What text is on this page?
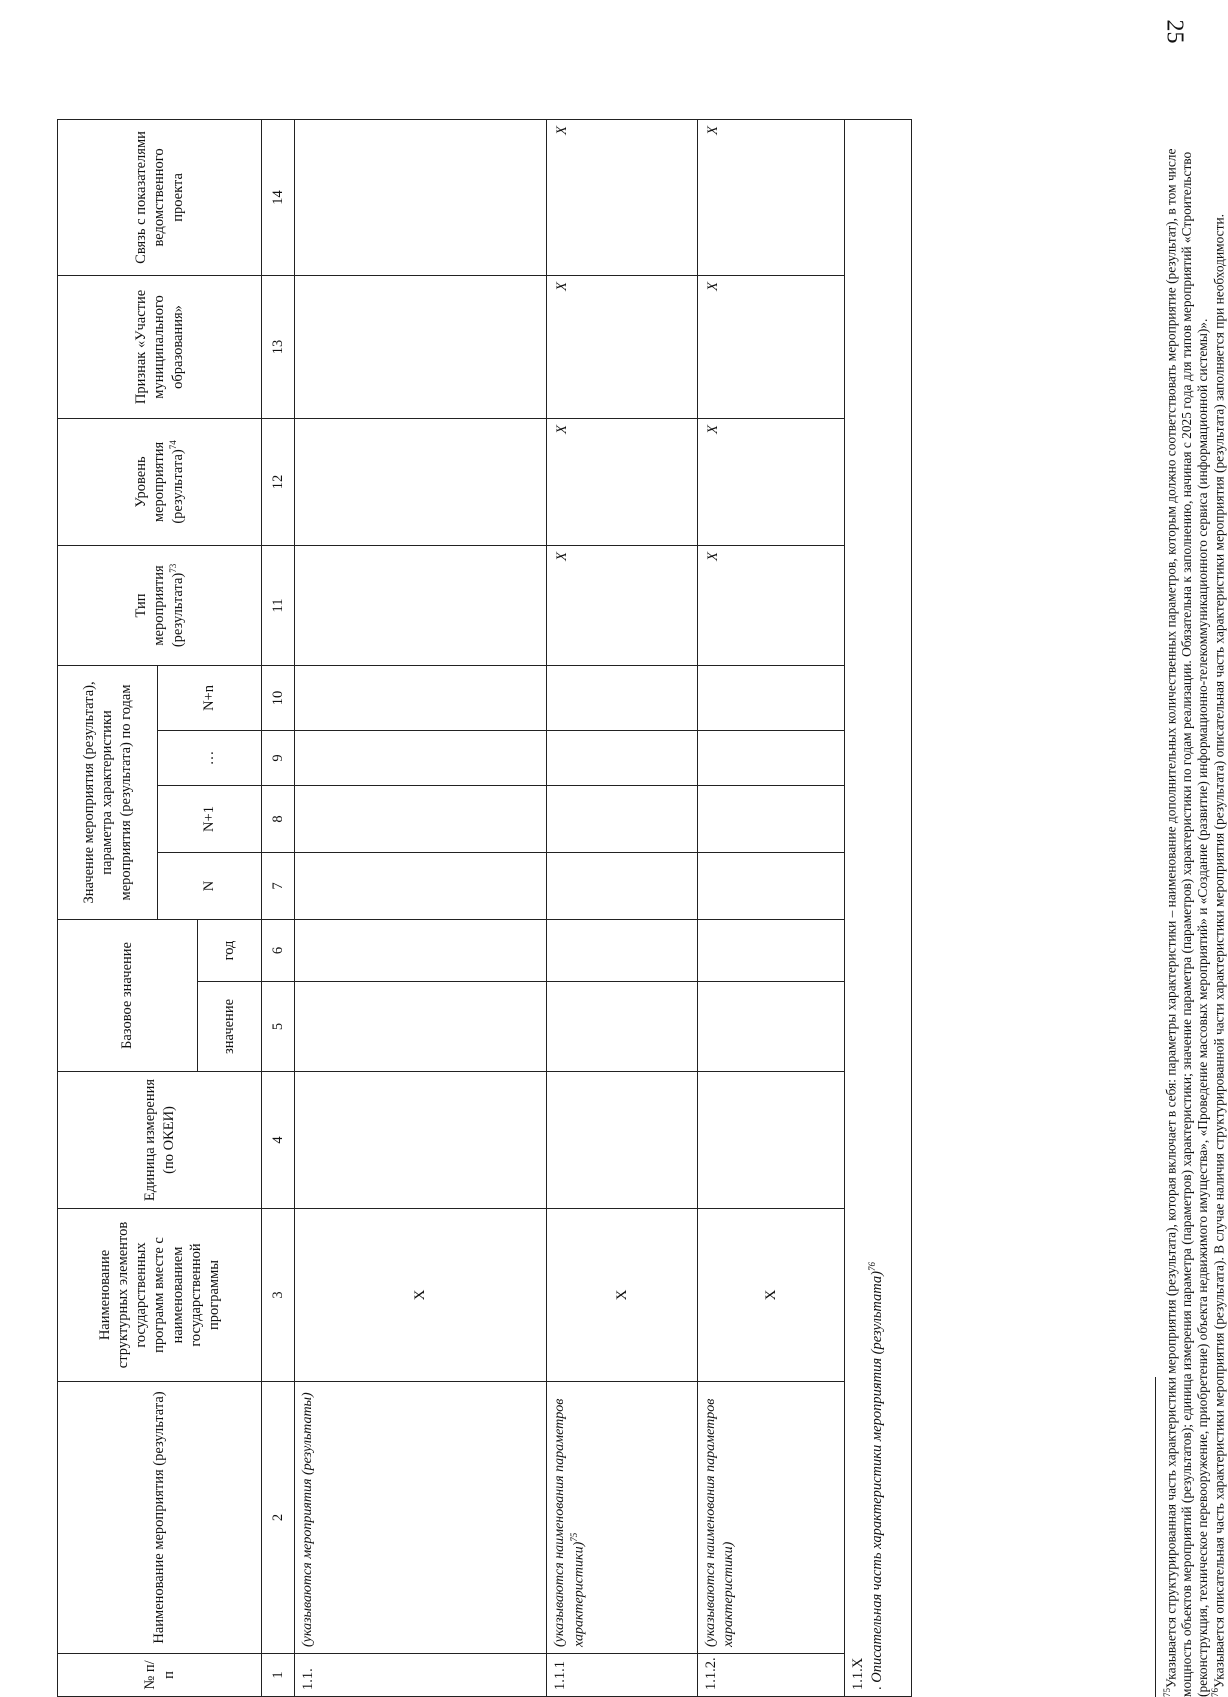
25
№ п/п	Наименование мероприятия (результата)	Наименование структурных элементов государственных программ вместе с наименованием государственной программы	Единица измерения (по ОКЕИ)	Базовое значение		Значение мероприятия (результата), параметра характеристики мероприятия (результата) по годам				Тип мероприятия (результата)$^{73}$	Уровень мероприятия (результата)$^{74}$	Признак «Участие муниципального образования»	Связь с показателями ведомственного проекта
						N	N+1	…	N+n				
				значение	год								
1	2	3	4	5	6	7	8	9	10	11	12	13	14
1.1.	(указываются мероприятия (результаты)	X											
1.1.1	(указываются наименования параметров характеристики)$^{75}$	X								X	X	X	X
1.1.2.	(указываются наименования параметров характеристики)	X								X	X	X	X
1.1.X
. Описательная часть характеристики мероприятия (результата)$^{76}$
$^{75}$Указывается структурированная часть характеристики мероприятия (результата), которая включает в себя: параметры характеристики – наименование дополнительных количественных параметров, которым должно соответствовать мероприятие (результат), в том числе мощность объектов мероприятий (результатов); единица измерения параметра (параметров) характеристики; значение параметра (параметров) характеристики по годам реализации. Обязательна к заполнению, начиная с 2025 года для типов мероприятий «Строительство (реконструкция, техническое перевооружение, приобретение) объекта недвижимого имущества», «Проведение массовых мероприятий» и «Создание (развитие) информационно-телекоммуникационного сервиса (информационной системы)». $^{76}$Указывается описательная часть характеристики мероприятия (результата). В случае наличия структурированной части характеристики мероприятия (результата) описательная часть характеристики мероприятия (результата) заполняется при необходимости.
